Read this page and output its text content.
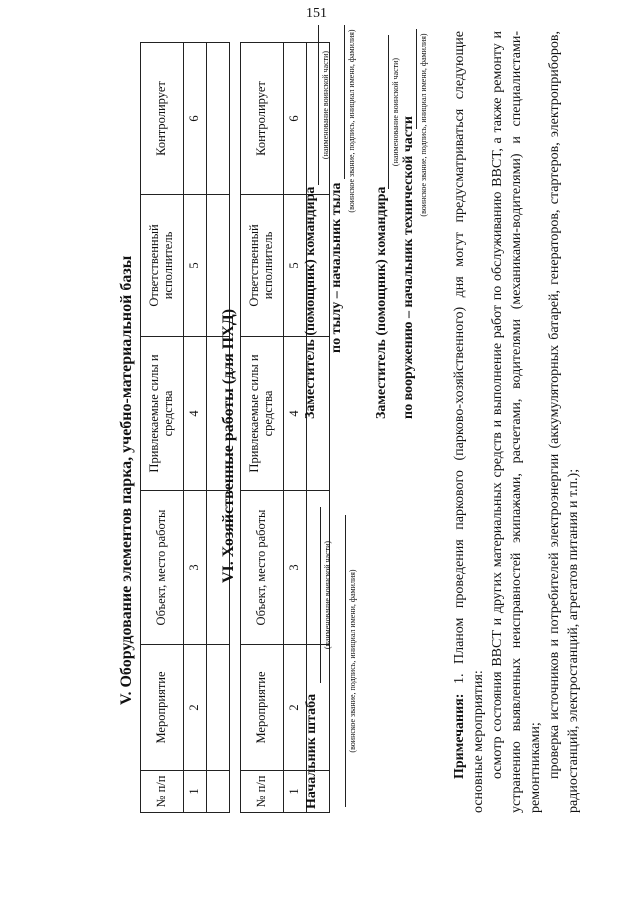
151
V. Оборудование элементов парка, учебно-материальной базы
№ п/п	Мероприятие	Объект, место работы	Привлекаемые силы и средства	Ответственный исполнитель	Контролирует
1	2	3	4	5	6

VI. Хозяйственные работы (для ПХД)
№ п/п	Мероприятие	Объект, место работы	Привлекаемые силы и средства	Ответственный исполнитель	Контролирует
1	2	3	4	5	6

Начальник штаба
(наименование воинской части) (воинское звание, подпись, инициал имени, фамилия)
Заместитель (помощник) командира
(наименование воинской части)
по тылу – начальник тыла
(воинское звание, подпись, инициал имени, фамилия)
Заместитель (помощник) командира
(наименование воинской части)
по вооружению – начальник технической части (воинское звание, подпись, инициал имени, фамилия)

Примечания: 1. Планом проведения паркового (парково-хозяйственного) дня могут предусматриваться следующие основные мероприятия: осмотр состояния ВВСТ и других материальных средств и выполнение работ по обслуживанию ВВСТ, а также ремонту и устранению выявленных неисправностей экипажами, расчетами, водителями (механиками-водителями) и специалистами-ремонтниками; проверка источников и потребителей электроэнергии (аккумуляторных батарей, генераторов, стартеров, электроприборов, радиостанций, электростанций, агрегатов питания и т.п.);
